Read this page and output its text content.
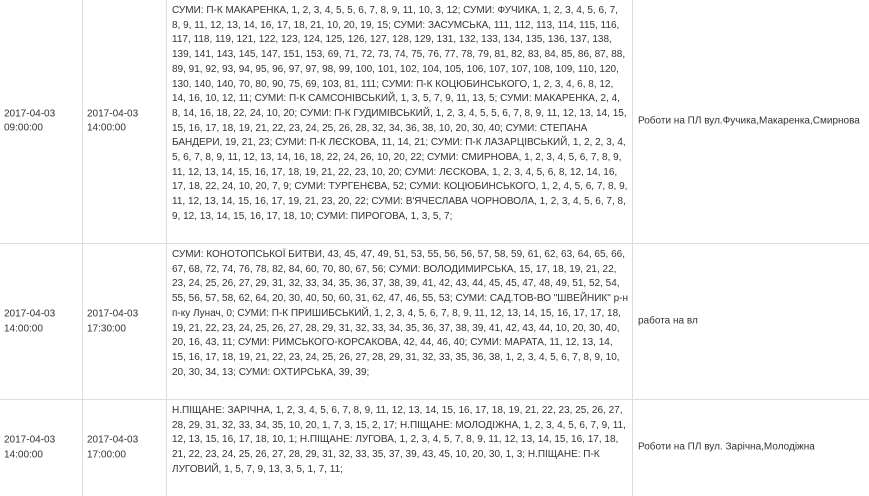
2017-04-03 09:00:00
2017-04-03 14:00:00
СУМИ: П-К МАКАРЕНКА, 1, 2, 3, 4, 5, 5, 6, 7, 8, 9, 11, 10, 3, 12; СУМИ: ФУЧИКА, 1, 2, 3, 4, 5, 6, 7, 8, 9, 11, 12, 13, 14, 16, 17, 18, 21, 10, 20, 19, 15; СУМИ: ЗАСУМСЬКА, 111, 112, 113, 114, 115, 116, 117, 118, 119, 121, 122, 123, 124, 125, 126, 127, 128, 129, 131, 132, 133, 134, 135, 136, 137, 138, 139, 141, 143, 145, 147, 151, 153, 69, 71, 72, 73, 74, 75, 76, 77, 78, 79, 81, 82, 83, 84, 85, 86, 87, 88, 89, 91, 92, 93, 94, 95, 96, 97, 97, 98, 99, 100, 101, 102, 104, 105, 106, 107, 107, 108, 109, 110, 120, 130, 140, 140, 70, 80, 90, 75, 69, 103, 81, 111; СУМИ: П-К КОЦЮБИНСЬКОГО, 1, 2, 3, 4, 6, 8, 12, 14, 16, 10, 12, 11; СУМИ: П-К САМСОНІВСЬКИЙ, 1, 3, 5, 7, 9, 11, 13, 5; СУМИ: МАКАРЕНКА, 2, 4, 8, 14, 16, 18, 22, 24, 10, 20; СУМИ: П-К ГУДИМІВСЬКИЙ, 1, 2, 3, 4, 5, 5, 6, 7, 8, 9, 11, 12, 13, 14, 15, 15, 16, 17, 18, 19, 21, 22, 23, 24, 25, 26, 28, 32, 34, 36, 38, 10, 20, 30, 40; СУМИ: СТЕПАНА БАНДЕРИ, 19, 21, 23; СУМИ: П-К ЛЄСКОВА, 11, 14, 21; СУМИ: П-К ЛАЗАРЦІВСЬКИЙ, 1, 2, 2, 3, 4, 5, 6, 7, 8, 9, 11, 12, 13, 14, 16, 18, 22, 24, 26, 10, 20, 22; СУМИ: СМИРНОВА, 1, 2, 3, 4, 5, 6, 7, 8, 9, 11, 12, 13, 14, 15, 16, 17, 18, 19, 21, 22, 23, 10, 20; СУМИ: ЛЄСКОВА, 1, 2, 3, 4, 5, 6, 8, 12, 14, 16, 17, 18, 22, 24, 10, 20, 7, 9; СУМИ: ТУРГЕНЄВА, 52; СУМИ: КОЦЮБИНСЬКОГО, 1, 2, 4, 5, 6, 7, 8, 9, 11, 12, 13, 14, 15, 16, 17, 19, 21, 23, 20, 22; СУМИ: В'ЯЧЕСЛАВА ЧОРНОВОЛА, 1, 2, 3, 4, 5, 6, 7, 8, 9, 12, 13, 14, 15, 16, 17, 18, 10; СУМИ: ПИРОГОВА, 1, 3, 5, 7;
Роботи на ПЛ вул.Фучика,Макаренка,Смирнова
2017-04-03 14:00:00
2017-04-03 17:30:00
СУМИ: КОНОТОПСЬКОЇ БИТВИ, 43, 45, 47, 49, 51, 53, 55, 56, 56, 57, 58, 59, 61, 62, 63, 64, 65, 66, 67, 68, 72, 74, 76, 78, 82, 84, 60, 70, 80, 67, 56; СУМИ: ВОЛОДИМИРСЬКА, 15, 17, 18, 19, 21, 22, 23, 24, 25, 26, 27, 29, 31, 32, 33, 34, 35, 36, 37, 38, 39, 41, 42, 43, 44, 45, 45, 47, 48, 49, 51, 52, 54, 55, 56, 57, 58, 62, 64, 20, 30, 40, 50, 60, 31, 62, 47, 46, 55, 53; СУМИ: САД.ТОВ-ВО "ШВЕЙНИК" р-н п-ку Лунач, 0; СУМИ: П-К ПРИШИБСЬКИЙ, 1, 2, 3, 4, 5, 6, 7, 8, 9, 11, 12, 13, 14, 15, 16, 17, 17, 18, 19, 21, 22, 23, 24, 25, 26, 27, 28, 29, 31, 32, 33, 34, 35, 36, 37, 38, 39, 41, 42, 43, 44, 10, 20, 30, 40, 20, 16, 43, 11; СУМИ: РИМСЬКОГО-КОРСАКОВА, 42, 44, 46, 40; СУМИ: МАРАТА, 11, 12, 13, 14, 15, 16, 17, 18, 19, 21, 22, 23, 24, 25, 26, 27, 28, 29, 31, 32, 33, 35, 36, 38, 1, 2, 3, 4, 5, 6, 7, 8, 9, 10, 20, 30, 34, 13; СУМИ: ОХТИРСЬКА, 39, 39;
работа на вл
2017-04-03 14:00:00
2017-04-03 17:00:00
Н.ПІЩАНЕ: ЗАРІЧНА, 1, 2, 3, 4, 5, 6, 7, 8, 9, 11, 12, 13, 14, 15, 16, 17, 18, 19, 21, 22, 23, 25, 26, 27, 28, 29, 31, 32, 33, 34, 35, 10, 20, 1, 7, 3, 15, 2, 17; Н.ПІЩАНЕ: МОЛОДІЖНА, 1, 2, 3, 4, 5, 6, 7, 9, 11, 12, 13, 15, 16, 17, 18, 10, 1; Н.ПІЩАНЕ: ЛУГОВА, 1, 2, 3, 4, 5, 7, 8, 9, 11, 12, 13, 14, 15, 16, 17, 18, 21, 22, 23, 24, 25, 26, 27, 28, 29, 31, 32, 33, 35, 37, 39, 43, 45, 10, 20, 30, 1, 3; Н.ПІЩАНЕ: П-К ЛУГОВИЙ, 1, 5, 7, 9, 13, 3, 5, 1, 7, 11;
Роботи на ПЛ вул. Зарічна,Молодіжна
